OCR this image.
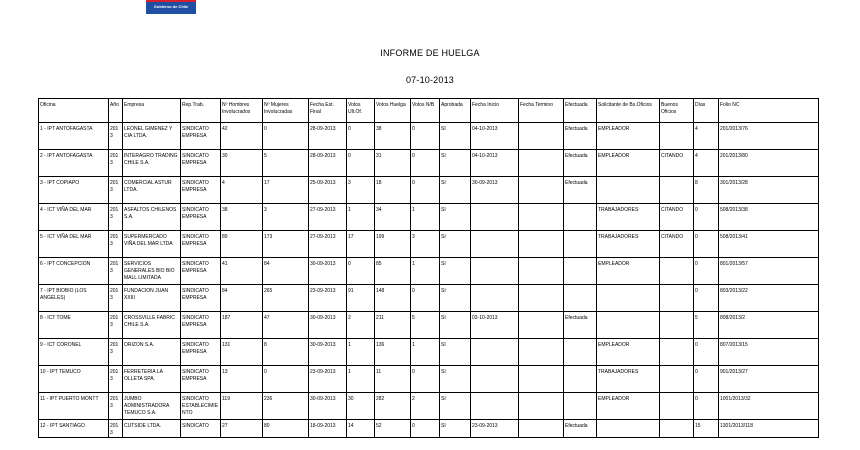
Gobierno de Chile
INFORME DE HUELGA
07-10-2013
Oficina	Año	Empresa	Rep.Trab.	Nº Hombres Involucrados	Nº Mujeres Involucradas	Fecha Est. Final	Votos Ult.Of.	Votos Huelga	Votos N/B	Aprobada	Fecha Inicio	Fecha Termino	Efectuada	Solicitante de Bs.Oficios	Buenos Oficios	Días	Folio NC
1 - IPT ANTOFAGASTA	2013	LEONEL GIMENEZ Y CIA LTDA.	SINDICATO EMPRESA	42	0	28-09-2013	0	38	0	SI	04-10-2013		Efectuada	EMPLEADOR		4	201/2013/76
2 - IPT ANTOFAGASTA	2013	INTERAGRO TRADING CHILE S.A.	SINDICATO EMPRESA	30	5	28-09-2013	0	31	0	SI	04-10-2013		Efectuada	EMPLEADOR	CITANDO	4	201/2013/80
3 - IPT COPIAPO	2013	COMERCIAL ASTUR LTDA.	SINDICATO EMPRESA	4	17	25-09-2013	3	18	0	SI	30-09-2013		Efectuada			8	301/2013/28
4 - ICT VIÑA DEL MAR	2013	ASFALTOS CHILENOS S.A.	SINDICATO EMPRESA	38	3	27-09-2013	1	34	1	SI				TRABAJADORES	CITANDO	0	508/2013/38
5 - ICT VIÑA DEL MAR	2013	SUPERMERCADO VIÑA DEL MAR LTDA	SINDICATO EMPRESA	89	173	27-09-2013	17	199	3	SI				TRABAJADORES	CITANDO	0	508/2013/41
6 - IPT CONCEPCION	2013	SERVICIOS GENERALES BIO BIO MALL LIMITADA	SINDICATO EMPRESA	41	84	30-09-2013	0	85	1	SI				EMPLEADOR		0	801/2013/57
7 - IPT BIOBIO (LOS ANGELES)	2013	FUNDACION JUAN XXIII	SINDICATO EMPRESA	84	265	23-09-2013	91	148	0	SI						0	803/2013/22
8 - ICT TOME	2013	CROSSVILLE FABRIC CHILE S.A.	SINDICATO EMPRESA	187	47	30-09-2013	2	211	5	SI	03-10-2013		Efectuada			5	808/2013/2
9 - ICT CORONEL	2013	ORIZON S.A.	SINDICATO EMPRESA	131	8	30-09-2013	1	136	1	SI				EMPLEADOR		0	807/2013/15
10 - IPT TEMUCO	2013	FERRETERIA LA OLLETA SPA.	SINDICATO EMPRESA	13	0	23-09-2013	1	11	0	SI				TRABAJADORES		0	901/2013/27
11 - IPT PUERTO MONTT	2013	JUMBO ADMINISTRADORA TEMUCO S.A.	SINDICATO ESTABLECIMIENTO	119	236	30-09-2013	30	282	2	SI				EMPLEADOR		0	1001/2013/32
12 - IPT SANTIAGO	2013	CUTSIDE LTDA.	SINDICATO	27	80	18-09-2013	14	52	0	SI	23-09-2013		Efectuada			15	1301/2013/118
